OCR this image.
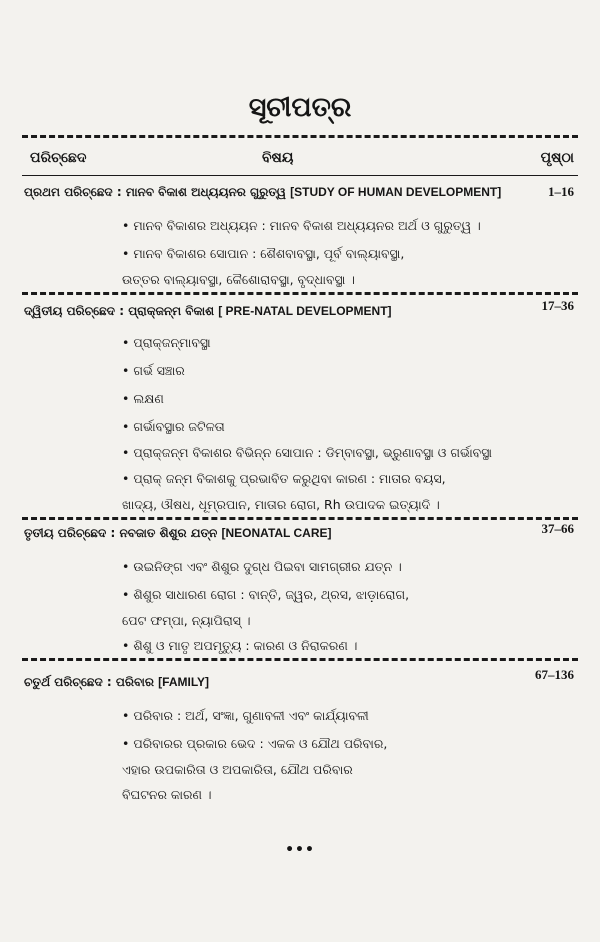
ସୂଚୀପତ୍ର
ପରିଚ୍ଛେଦ	ବିଷୟ	ପୃଷ୍ଠା
ପ୍ରଥମ ପରିଚ୍ଛେଦ : ମାନବ ବିକାଶ ଅଧ୍ୟୟନର ଗୁରୁତ୍ୱ [STUDY OF HUMAN DEVELOPMENT]	1–16
• ମାନବ ବିକାଶର ଅଧ୍ୟୟନ : ମାନବ ବିକାଶ ଅଧ୍ୟୟନର ଅର୍ଥ ଓ ଗୁରୁତ୍ୱ ।
• ମାନବ ବିକାଶର ସୋପାନ : ଶୈଶବାବସ୍ଥା, ପୂର୍ବ ବାଲ୍ୟାବସ୍ଥା,
ଉତ୍ତର ବାଲ୍ୟାବସ୍ଥା, କୈଶୋରାବସ୍ଥା, ବୃଦ୍ଧାବସ୍ଥା ।
ଦ୍ୱିତୀୟ ପରିଚ୍ଛେଦ : ପ୍ରାକ୍ଜନ୍ମ ବିକାଶ [ PRE-NATAL DEVELOPMENT]	17–36
• ପ୍ରାକ୍ଜନ୍ମାବସ୍ଥା
• ଗର୍ଭ ସଞ୍ଚାର
• ଲକ୍ଷଣ
• ଗର୍ଭାବସ୍ଥାର ଜଟିଳତା
• ପ୍ରାକ୍ଜନ୍ମ ବିକାଶର ବିଭିନ୍ନ ସୋପାନ : ଡିମ୍ବାବସ୍ଥା, ଭ୍ରୁଣାବସ୍ଥା ଓ ଗର୍ଭାବସ୍ଥା
• ପ୍ରାକ୍ ଜନ୍ମ ବିକାଶକୁ ପ୍ରଭାବିତ କରୁଥିବା କାରଣ : ମାତାର ବୟସ,
ଖାଦ୍ୟ, ଔଷଧ, ଧୂମ୍ରପାନ, ମାତାର ରୋଗ, Rh ଉପାଦକ ଇତ୍ୟାଦି ।
ତୃତୀୟ ପରିଚ୍ଛେଦ : ନବଜାତ ଶିଶୁର ଯତ୍ନ [NEONATAL CARE]	37–66
• ଉଇନିଙ୍ଗ ଏବଂ ଶିଶୁର ଦୁଗ୍ଧ ପିଇବା ସାମଗ୍ରୀର ଯତ୍ନ ।
• ଶିଶୁର ସାଧାରଣ ରୋଗ : ବାନ୍ତି, ଜ୍ୱର, ଥ୍ରସ, ଝାଡ଼ାରୋଗ,
ପେଟ ଫମ୍ପା, ନ୍ୟାପିରାସ୍ ।
• ଶିଶୁ ଓ ମାତୃ ଅପମୃତ୍ୟୁ : କାରଣ ଓ ନିରାକରଣ ।
ଚତୁର୍ଥ ପରିଚ୍ଛେଦ : ପରିବାର [FAMILY]	67–136
• ପରିବାର : ଅର୍ଥ, ସଂଜ୍ଞା, ଗୁଣାବଳୀ ଏବଂ କାର୍ଯ୍ୟାବଳୀ
• ପରିବାରର ପ୍ରକାର ଭେଦ : ଏକକ ଓ ଯୌଥ ପରିବାର,
ଏହାର ଉପକାରିତା ଓ ଅପକାରିତା, ଯୌଥ ପରିବାର
ବିଘଟନର କାରଣ ।
•••
